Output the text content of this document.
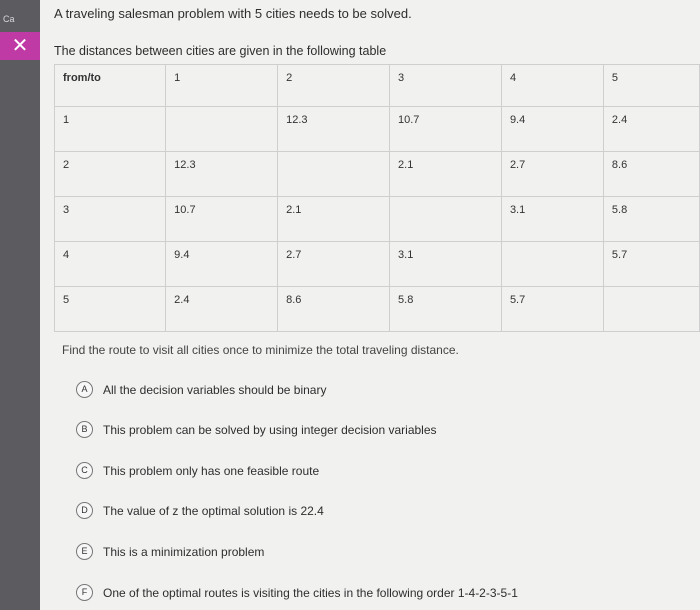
Ca
✕
A traveling salesman problem with 5 cities needs to be solved.
The distances between cities are given in the following table
from/to	1	2	3	4	5
1		12.3	10.7	9.4	2.4
2	12.3		2.1	2.7	8.6
3	10.7	2.1		3.1	5.8
4	9.4	2.7	3.1		5.7
5	2.4	8.6	5.8	5.7	
Find the route to visit all cities once to minimize the total traveling distance.
A	All the decision variables should be binary
B	This problem can be solved by using integer decision variables
C	This problem only has one feasible route
D	The value of z the optimal solution is 22.4
E	This is a minimization problem
F	One of the optimal routes is visiting the cities in the following order 1-4-2-3-5-1
